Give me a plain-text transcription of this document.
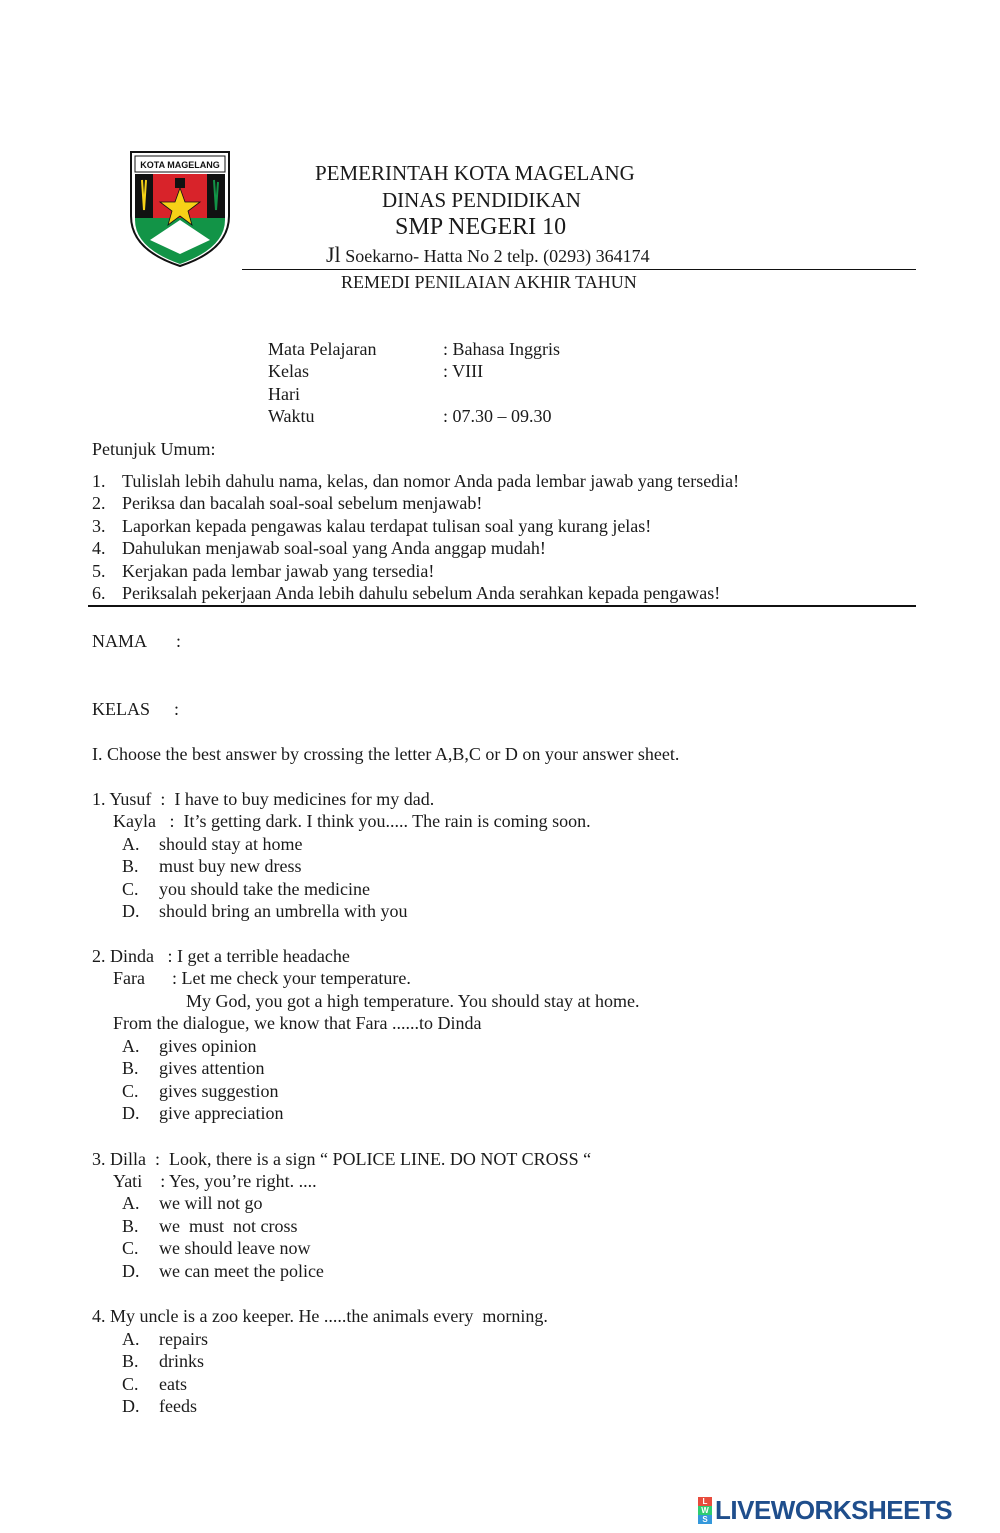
KOTA MAGELANG	PEMERINTAH KOTA MAGELANG
DINAS PENDIDIKAN
SMP NEGERI 10
Jl Soekarno- Hatta No 2 telp. (0293) 364174
REMEDI PENILAIAN AKHIR TAHUN
Mata Pelajaran	: Bahasa Inggris
Kelas	: VIII
Hari
Waktu	: 07.30 – 09.30
Petunjuk Umum:
1. Tulislah lebih dahulu nama, kelas, dan nomor Anda pada lembar jawab yang tersedia!
2. Periksa dan bacalah soal-soal sebelum menjawab!
3. Laporkan kepada pengawas kalau terdapat tulisan soal yang kurang jelas!
4. Dahulukan menjawab soal-soal yang Anda anggap mudah!
5. Kerjakan pada lembar jawab yang tersedia!
6. Periksalah pekerjaan Anda lebih dahulu sebelum Anda serahkan kepada pengawas!
NAMA :
KELAS :
I. Choose the best answer by crossing the letter A,B,C or D on your answer sheet.
1. Yusuf  :  I have to buy medicines for my dad.
Kayla   :  It’s getting dark. I think you..... The rain is coming soon.
A. should stay at home
B. must buy new dress
C. you should take the medicine
D. should bring an umbrella with you
2. Dinda   : I get a terrible headache
Fara      : Let me check your temperature.
My God, you got a high temperature. You should stay at home.
From the dialogue, we know that Fara ......to Dinda
A. gives opinion
B. gives attention
C. gives suggestion
D. give appreciation
3. Dilla  :  Look, there is a sign “ POLICE LINE. DO NOT CROSS “
Yati    : Yes, you’re right. ....
A. we will not go
B. we  must  not cross
C. we should leave now
D. we can meet the police
4. My uncle is a zoo keeper. He .....the animals every  morning.
A. repairs
B. drinks
C. eats
D. feeds
L
W
S LIVEWORKSHEETS
